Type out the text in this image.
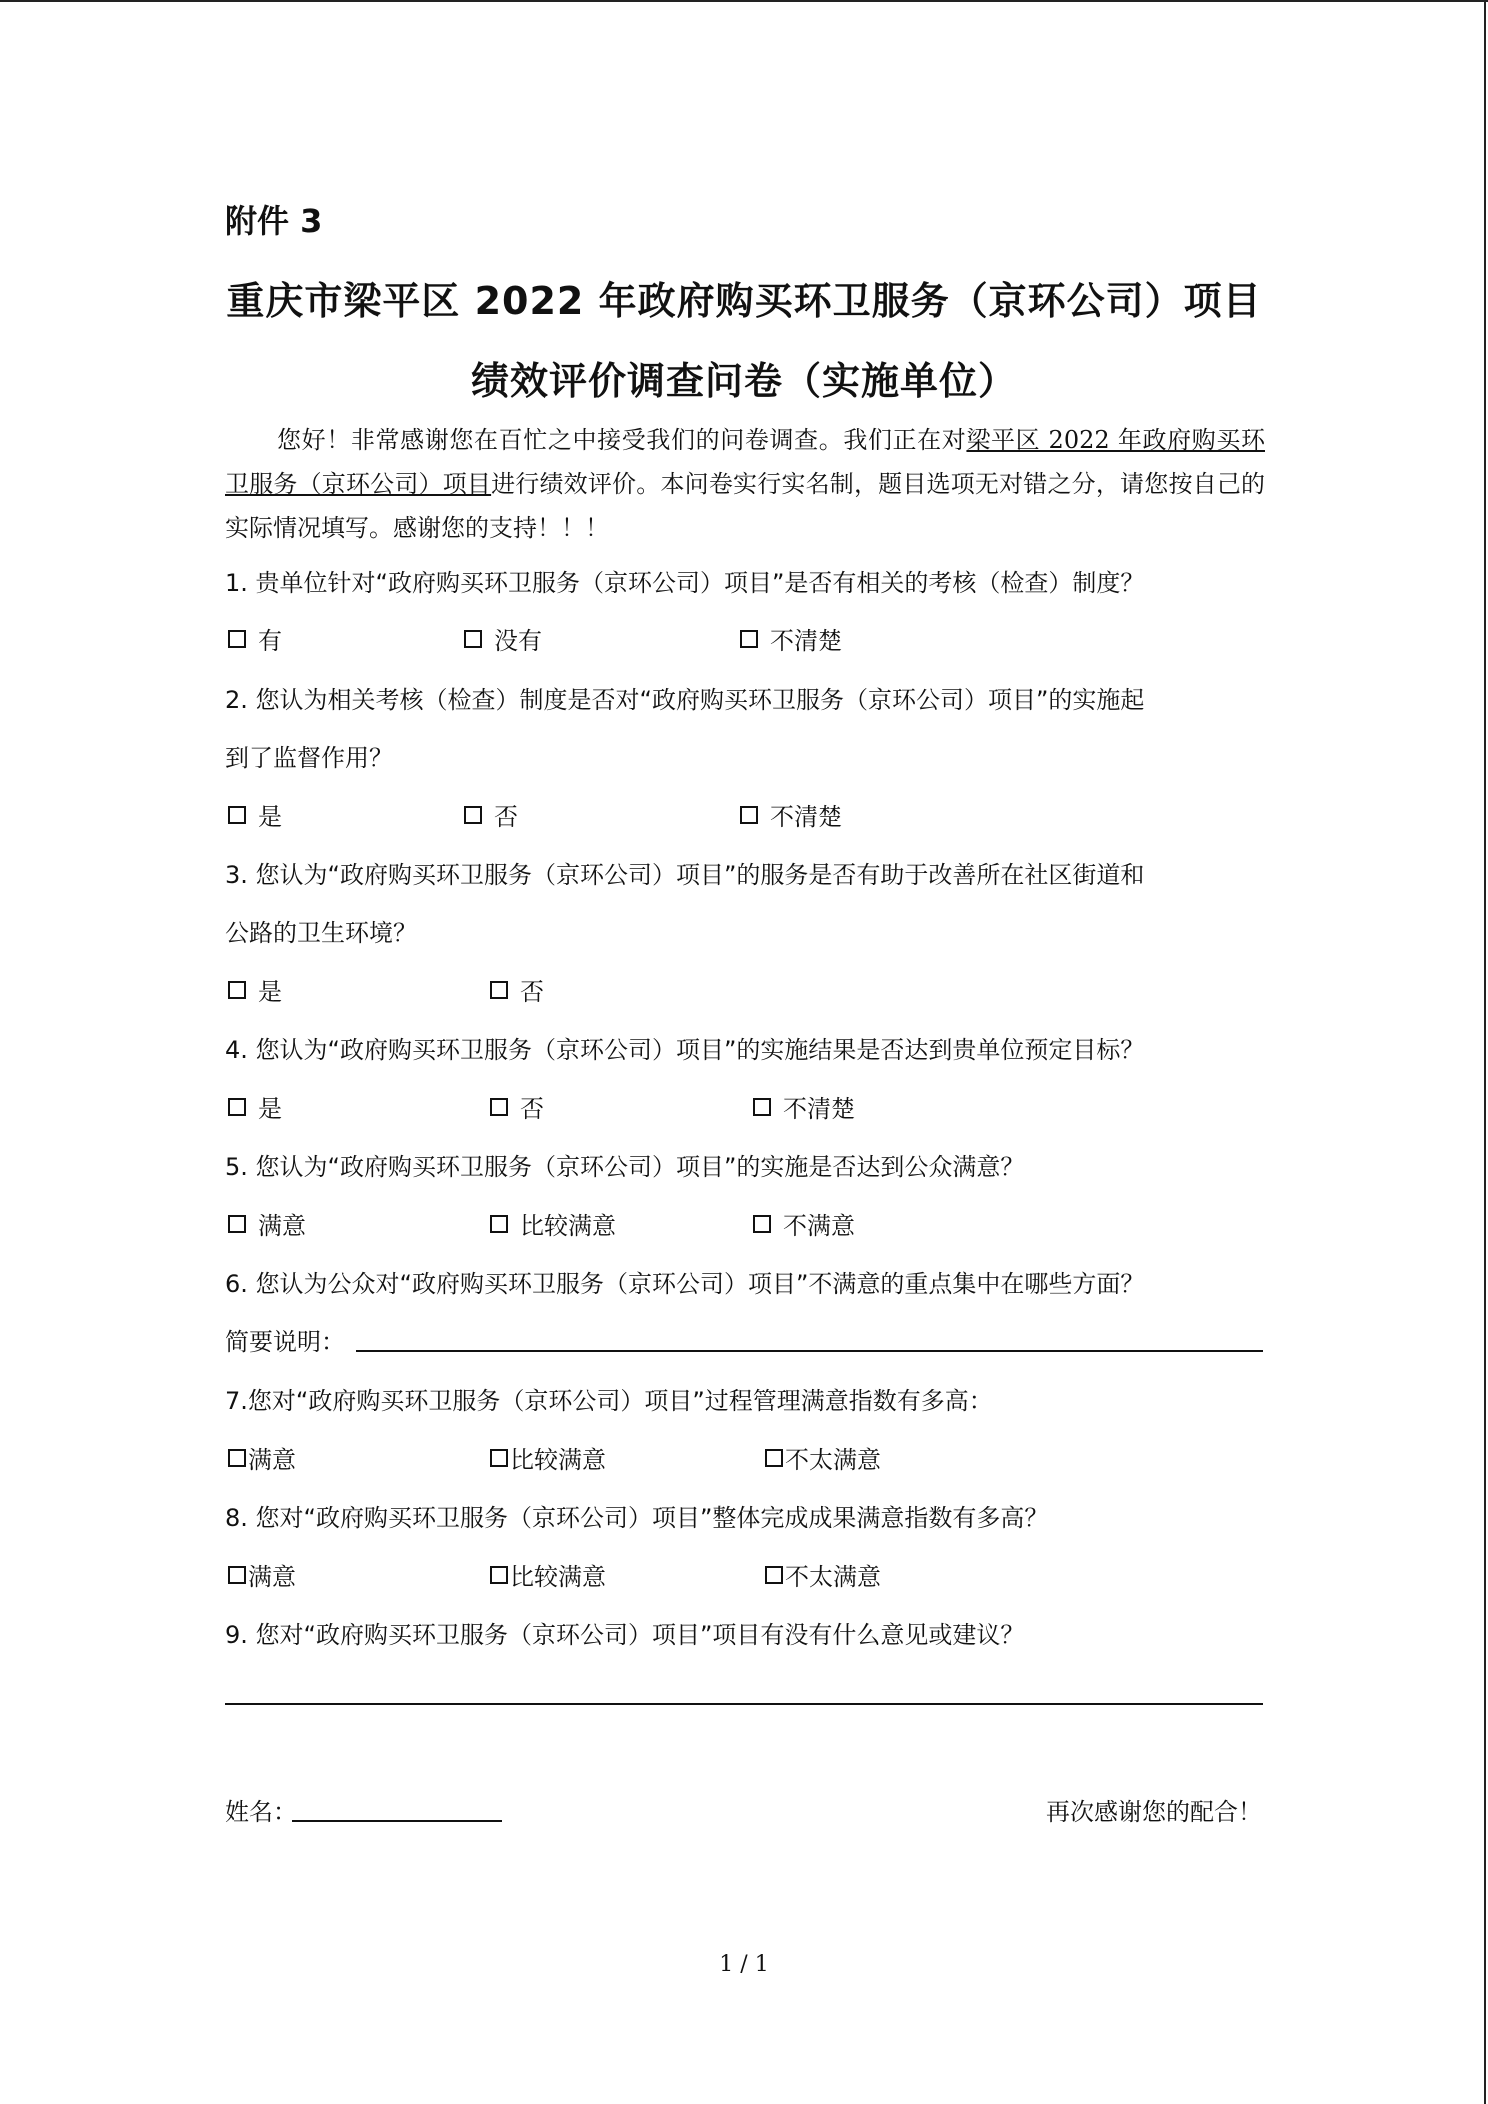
附件 3
重庆市梁平区 2022 年政府购买环卫服务（京环公司）项目
绩效评价调查问卷（实施单位）
您好！非常感谢您在百忙之中接受我们的问卷调查。我们正在对梁平区 2022 年政府购买环卫服务（京环公司）项目进行绩效评价。本问卷实行实名制，题目选项无对错之分，请您按自己的实际情况填写。感谢您的支持！！！
1. 贵单位针对“政府购买环卫服务（京环公司）项目”是否有相关的考核（检查）制度？
有	没有	不清楚
2. 您认为相关考核（检查）制度是否对“政府购买环卫服务（京环公司）项目”的实施起
到了监督作用？
是	否	不清楚
3. 您认为“政府购买环卫服务（京环公司）项目”的服务是否有助于改善所在社区街道和
公路的卫生环境？
是	否
4. 您认为“政府购买环卫服务（京环公司）项目”的实施结果是否达到贵单位预定目标？
是	否	不清楚
5. 您认为“政府购买环卫服务（京环公司）项目”的实施是否达到公众满意？
满意	比较满意	不满意
6. 您认为公众对“政府购买环卫服务（京环公司）项目”不满意的重点集中在哪些方面？
简要说明：
7.您对“政府购买环卫服务（京环公司）项目”过程管理满意指数有多高：
满意	比较满意	不太满意
8. 您对“政府购买环卫服务（京环公司）项目”整体完成成果满意指数有多高？
满意	比较满意	不太满意
9. 您对“政府购买环卫服务（京环公司）项目”项目有没有什么意见或建议？
姓名：	再次感谢您的配合！
1 / 1
